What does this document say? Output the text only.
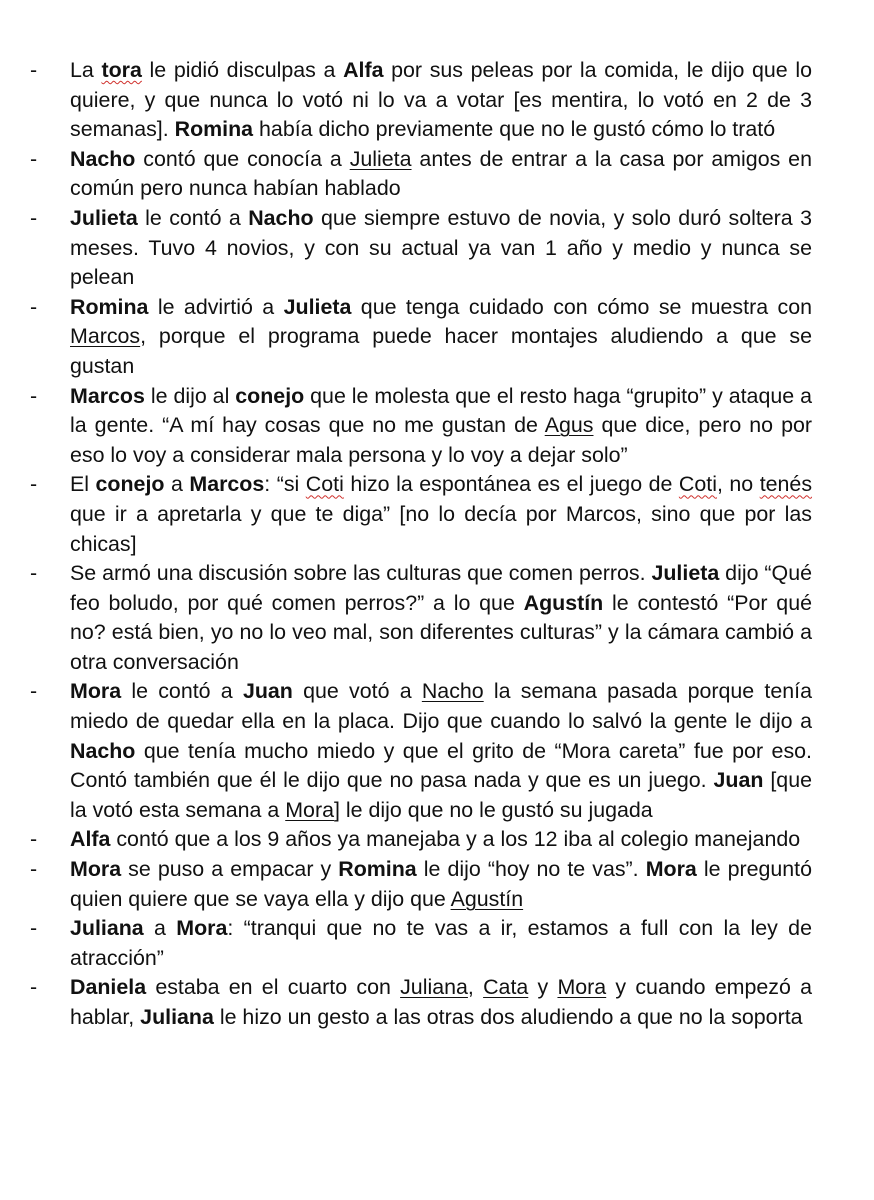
- La tora le pidió disculpas a Alfa por sus peleas por la comida, le dijo que lo quiere, y que nunca lo votó ni lo va a votar [es mentira, lo votó en 2 de 3 semanas]. Romina había dicho previamente que no le gustó cómo lo trató
- Nacho contó que conocía a Julieta antes de entrar a la casa por amigos en común pero nunca habían hablado
- Julieta le contó a Nacho que siempre estuvo de novia, y solo duró soltera 3 meses. Tuvo 4 novios, y con su actual ya van 1 año y medio y nunca se pelean
- Romina le advirtió a Julieta que tenga cuidado con cómo se muestra con Marcos, porque el programa puede hacer montajes aludiendo a que se gustan
- Marcos le dijo al conejo que le molesta que el resto haga “grupito” y ataque a la gente. “A mí hay cosas que no me gustan de Agus que dice, pero no por eso lo voy a considerar mala persona y lo voy a dejar solo”
- El conejo a Marcos: “si Coti hizo la espontánea es el juego de Coti, no tenés que ir a apretarla y que te diga” [no lo decía por Marcos, sino que por las chicas]
- Se armó una discusión sobre las culturas que comen perros. Julieta dijo “Qué feo boludo, por qué comen perros?” a lo que Agustín le contestó “Por qué no? está bien, yo no lo veo mal, son diferentes culturas” y la cámara cambió a otra conversación
- Mora le contó a Juan que votó a Nacho la semana pasada porque tenía miedo de quedar ella en la placa. Dijo que cuando lo salvó la gente le dijo a Nacho que tenía mucho miedo y que el grito de “Mora careta” fue por eso. Contó también que él le dijo que no pasa nada y que es un juego. Juan [que la votó esta semana a Mora] le dijo que no le gustó su jugada
- Alfa contó que a los 9 años ya manejaba y a los 12 iba al colegio manejando
- Mora se puso a empacar y Romina le dijo “hoy no te vas”. Mora le preguntó quien quiere que se vaya ella y dijo que Agustín
- Juliana a Mora: “tranqui que no te vas a ir, estamos a full con la ley de atracción”
- Daniela estaba en el cuarto con Juliana, Cata y Mora y cuando empezó a hablar, Juliana le hizo un gesto a las otras dos aludiendo a que no la soporta
